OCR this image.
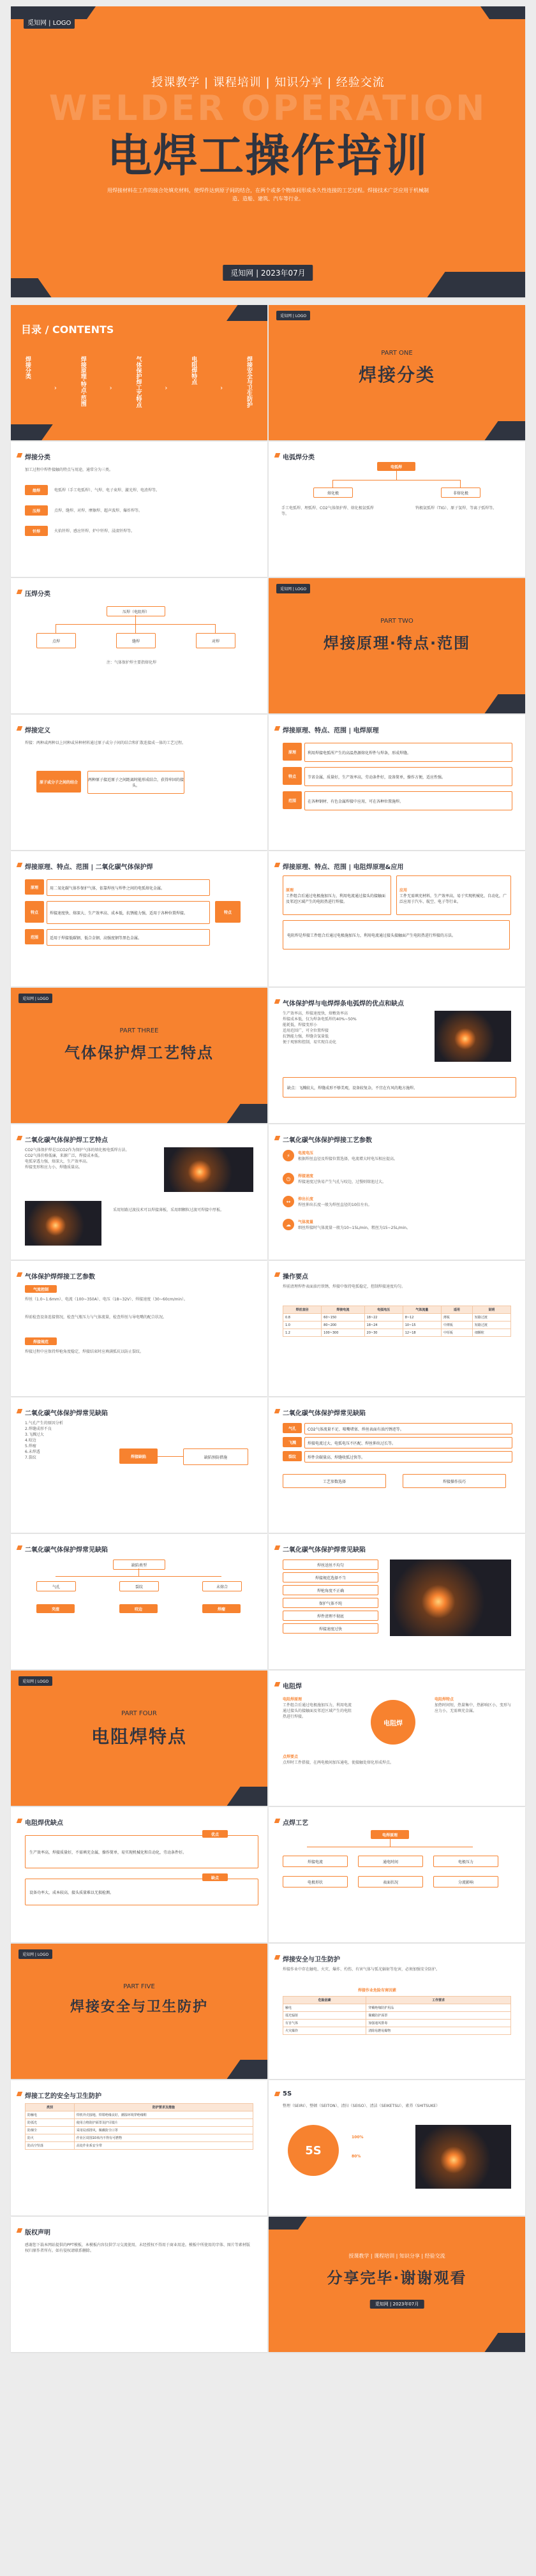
觅知网 | LOGO
授课教学 | 课程培训 | 知识分享 | 经验交流
WELDER OPERATION
电焊工操作培训
用焊接材料在工作的接合处填充材料，使焊件达到原子间的结合，在两个或多个物体间形成永久性连接的工艺过程。焊接技术广泛应用于机械制造、造船、建筑、汽车等行业。
觅知网 | 2023年07月
目录 / CONTENTS
焊接分类
›	焊接原理·特点·范围	›	气体保护焊工艺特点	›
电阻焊特点
›	焊接安全与卫生防护
觅知网 | LOGO
PART ONE
焊接分类
焊接分类
加工过程中焊件接触的特点与用途，通常分为三类。
熔焊	电弧焊（手工电弧焊）、气焊、电子束焊、激光焊、电渣焊等。
压焊	点焊、缝焊、对焊、摩擦焊、超声波焊、爆炸焊等。
钎焊	火焰钎焊、感应钎焊、炉中钎焊、浸渍钎焊等。
电弧焊分类
电弧焊
熔化极	非熔化极
手工电弧焊、埋弧焊、CO2气体保护焊、熔化极氩弧焊等。
钨极氩弧焊（TIG）、原子氢焊、等离子弧焊等。
压焊分类
压焊（电阻焊）
点焊	缝焊	对焊
注：气体保护焊主要指熔化焊
觅知网 | LOGO
PART TWO
焊接原理·特点·范围
焊接定义
焊接：两种或两种以上同种或异种材料通过原子或分子间的结合和扩散连接成一体的工艺过程。
原子或分子之间的结合	两种原子接近原子之间距离时能形成结合，获得牢固的接头。
焊接原理、特点、范围 | 电焊原理
原理	利用焊接电弧所产生的高温热源熔化焊件与焊条，形成焊缝。
特点	节省金属，质量好，生产效率高，劳动条件好，设备简单，操作方便，适应性强。
范围	在各种钢材、有色金属焊接中应用，可在各种位置施焊。
焊接原理、特点、范围 | 二氧化碳气体保护焊
原理	用二氧化碳气体作保护气体，依靠焊丝与焊件之间的电弧熔化金属。
特点	焊接速度快、熔深大、生产效率高、成本低，抗锈能力强，适用于各种位置焊接。
范围	适用于焊接低碳钢、低合金钢、高强度钢等黑色金属。
特点
焊接原理、特点、范围 | 电阻焊原理&应用
原理
工件组合后通过电极施加压力，利用电流通过接头的接触面及邻近区域产生的电阻热进行焊接。
应用
工件无需填充材料，生产效率高，易于实现机械化、自动化，广泛应用于汽车、航空、电子等行业。
电阻焊是焊接工件组合后通过电极施加压力，利用电流通过接头接触面产生电阻热进行焊接的方法。
觅知网 | LOGO
PART THREE
气体保护焊工艺特点
气体保护焊与电焊焊条电弧焊的优点和缺点
生产效率高，焊接速度快，熔敷效率高
焊接成本低，仅为焊条电弧焊的40%~50%
能耗低，焊接变形小
适用范围广，可全位置焊接
抗锈能力强，焊缝含氢量低
便于观察和控制，易实现自动化
缺点：飞溅较大，焊缝成形不够美观，设备较复杂，不宜在有风的地方施焊。
二氧化碳气体保护焊工艺特点
CO2气体保护焊是以CO2作为保护气体的熔化极电弧焊方法。
CO2气体价格低廉，来源广泛，焊接成本低。
电弧穿透力强，熔深大，生产效率高。
焊接变形和应力小，焊缝质量高。
采用短路过渡技术可以焊接薄板，采用细颗粒过渡可焊接中厚板。
二氧化碳气体保护焊接工艺参数
⚡	电流电压
根据焊丝直径及焊接位置选择，电流增大时电压相应提高。
◷	焊接速度
焊接速度过快易产生气孔与咬边，过慢则熔池过大。
↔	伸出长度
焊丝伸出长度一般为焊丝直径的10倍左右。
☁	气体流量
细丝焊接时气体流量一般为10~15L/min，粗丝为15~25L/min。
气体保护焊焊接工艺参数
气流控制
焊丝（1.0~1.6mm）、电流（100~350A）、电压（18~32V）、焊接速度（30~60cm/min）。
焊前检查设备连接情况，检查气瓶压力与气体流量，检查焊丝与导电嘴的配合状况。
焊接规范
焊接过程中应保持焊枪角度稳定，焊接结束时应填满弧坑以防止裂纹。
操作要点
焊前清理焊件表面油污铁锈，焊接中保持电弧稳定，控制焊接速度均匀。
焊丝直径	焊接电流	电弧电压	气体流量	适用	说明
0.8	60~150	18~22	8~12	薄板	短路过渡
1.0	80~200	18~24	10~15	中薄板	短路过渡
1.2	100~300	20~30	12~18	中厚板	细颗粒
二氧化碳气体保护焊常见缺陷
1.气孔产生的原因分析
2.焊缝成形不良
3.飞溅过大
4.咬边
5.焊瘤
6.未焊透
7.裂纹	焊接缺陷	缺陷预防措施
二氧化碳气体保护焊常见缺陷
气孔	CO2气体流量不足、喷嘴堵塞、焊丝表面有油污锈迹等。
飞溅	焊接电流过大、电弧电压不匹配、焊丝伸出过长等。
裂纹	焊件含碳量高、焊缝收弧过快等。
工艺参数选择	焊接操作技巧
二氧化碳气体保护焊常见缺陷
缺陷类型
气孔	裂纹	未熔合
夹渣	咬边	焊瘤
二氧化碳气体保护焊常见缺陷
焊丝送丝不均匀
焊接规范选择不当
焊枪角度不正确
保护气体不纯
焊件清理不彻底
焊接速度过快
觅知网 | LOGO
PART FOUR
电阻焊特点
电阻焊
电阻焊原理
工件组合后通过电极施加压力，利用电流通过接头的接触面及邻近区域产生的电阻热进行焊接。
电阻焊
电阻焊特点
加热时间短，热量集中，热影响区小，变形与应力小，无需填充金属。
点焊要点
点焊时工件搭接，在两电极间加压通电，使接触处熔化形成焊点。
电阻焊优缺点
生产效率高，焊接质量好，不需填充金属，操作简单，易实现机械化和自动化，劳动条件好。
优点
设备功率大，成本较高，接头质量难以无损检测。
缺点
点焊工艺
电焊原理
焊接电流	通电时间	电极压力
电极形状	表面状况	分流影响
觅知网 | LOGO
PART FIVE
焊接安全与卫生防护
焊接安全与卫生防护
焊接作业中存在触电、火灾、爆炸、灼伤、有害气体与弧光辐射等危害，必须加强安全防护。
焊接作业危险有害因素
危险因素	工作要求
触电	穿戴绝缘防护用品
弧光辐射	佩戴防护面罩
有害气体	加强通风排毒
火灾爆炸	清除易燃易爆物
焊接工艺的安全与卫生防护
类别	防护要求及措施
防触电	焊机外壳接地，焊钳绝缘良好，潮湿环境穿绝缘鞋
防弧光	使用合格防护面罩及护目镜片
防烟尘	采用局部排风，佩戴防尘口罩
防火	作业区周围10米内不得有可燃物
防高空坠落	高处作业系安全带
5S
整理（SEIRI）、整顿（SEITON）、清扫（SEISO）、清洁（SEIKETSU）、素养（SHITSUKE）
5S
100%
80%
版权声明
感谢您下载本网站提供的PPT模板，本模板内容仅供学习交流使用，未经授权不得用于商业用途。模板中所使用的字体、图片等素材版权归原作者所有。如有侵权请联系删除。
授课教学 | 课程培训 | 知识分享 | 经验交流
分享完毕·谢谢观看
觅知网 | 2023年07月
